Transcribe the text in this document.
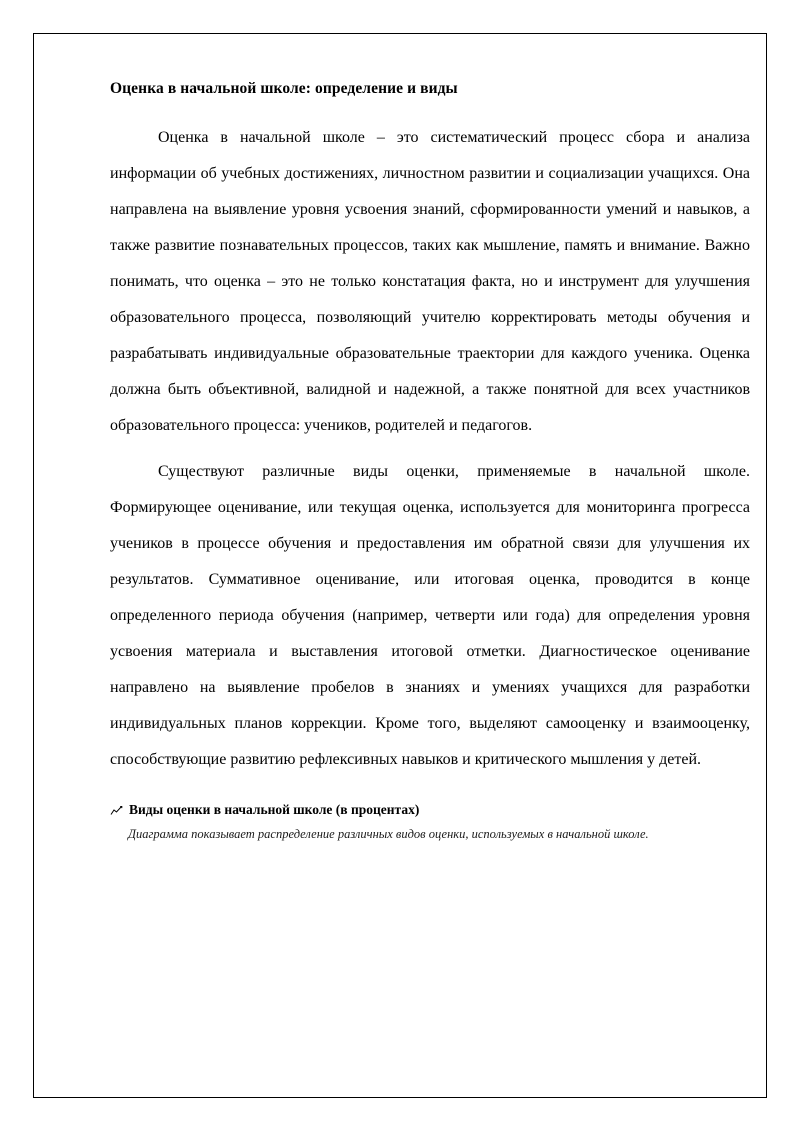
Оценка в начальной школе: определение и виды

Оценка в начальной школе – это систематический процесс сбора и анализа информации об учебных достижениях, личностном развитии и социализации учащихся. Она направлена на выявление уровня усвоения знаний, сформированности умений и навыков, а также развитие познавательных процессов, таких как мышление, память и внимание. Важно понимать, что оценка – это не только констатация факта, но и инструмент для улучшения образовательного процесса, позволяющий учителю корректировать методы обучения и разрабатывать индивидуальные образовательные траектории для каждого ученика. Оценка должна быть объективной, валидной и надежной, а также понятной для всех участников образовательного процесса: учеников, родителей и педагогов.

Существуют различные виды оценки, применяемые в начальной школе. Формирующее оценивание, или текущая оценка, используется для мониторинга прогресса учеников в процессе обучения и предоставления им обратной связи для улучшения их результатов. Суммативное оценивание, или итоговая оценка, проводится в конце определенного периода обучения (например, четверти или года) для определения уровня усвоения материала и выставления итоговой отметки. Диагностическое оценивание направлено на выявление пробелов в знаниях и умениях учащихся для разработки индивидуальных планов коррекции. Кроме того, выделяют самооценку и взаимооценку, способствующие развитию рефлексивных навыков и критического мышления у детей.

Виды оценки в начальной школе (в процентах)
Диаграмма показывает распределение различных видов оценки, используемых в начальной школе.
